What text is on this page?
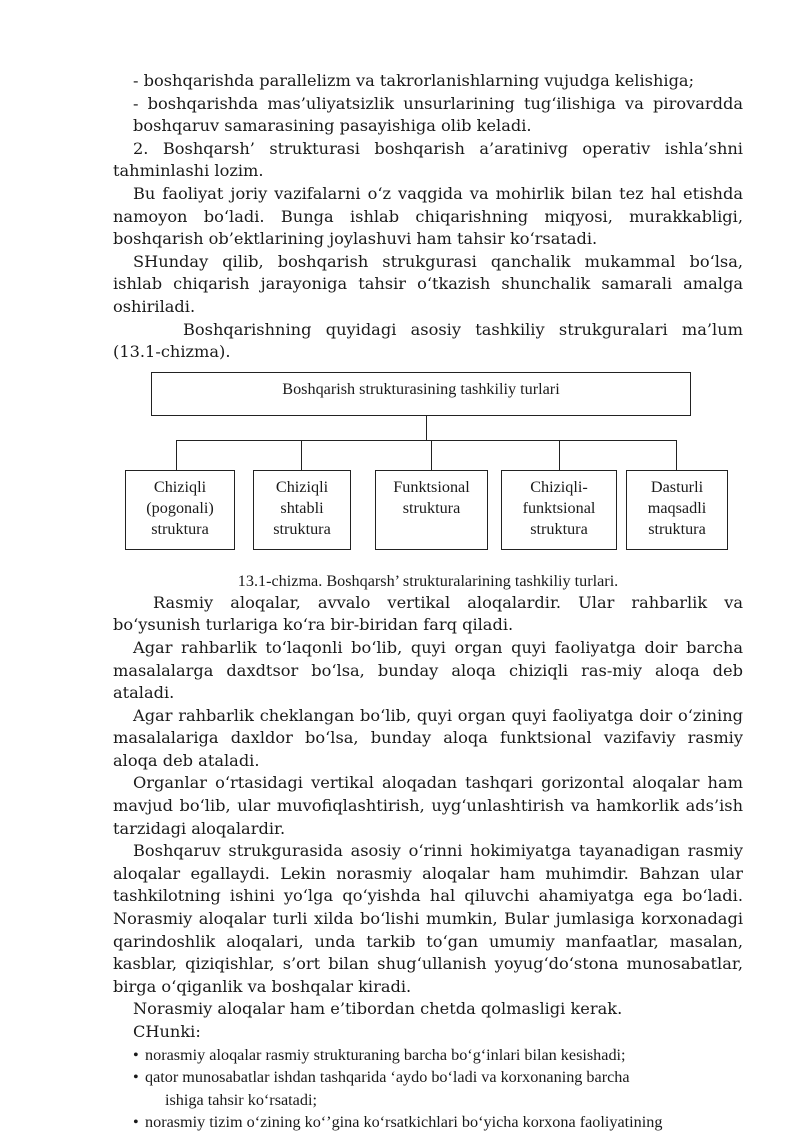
- boshqarishda parallelizm va takrorlanishlarning vujudga kelishiga;

- boshqarishda mas’uliyatsizlik unsurlarining tug‘ilishiga va pirovardda boshqaruv samarasining pasayishiga olib keladi.

2. Boshqarsh’ strukturasi boshqarish a’aratinivg operativ ishla’shni tahminlashi lozim.

Bu faoliyat joriy vazifalarni o‘z vaqgida va mohirlik bilan tez hal etishda namoyon bo‘ladi. Bunga ishlab chiqarishning miqyosi, murakkabligi, boshqarish ob’ektlarining joylashuvi ham tahsir ko‘rsatadi.

SHunday qilib, boshqarish strukgurasi qanchalik mukammal bo‘lsa, ishlab chiqarish jarayoniga tahsir o‘tkazish shunchalik samarali amalga oshiriladi.

Boshqarishning quyidagi asosiy tashkiliy strukguralari ma’lum (13.1-chizma).

Boshqarish strukturasining tashkiliy turlari
Chiziqli
(pogonali)
struktura
Chiziqli
shtabli
struktura
Funktsional
struktura
Chiziqli-
funktsional
struktura
Dasturli
maqsadli
struktura
13.1-chizma. Boshqarsh’ strukturalarining tashkiliy turlari.

Rasmiy aloqalar, avvalo vertikal aloqalardir. Ular rahbarlik va bo‘ysunish turlariga ko‘ra bir-biridan farq qiladi.

Agar rahbarlik to‘laqonli bo‘lib, quyi organ quyi faoliyatga doir barcha masalalarga daxdtsor bo‘lsa, bunday aloqa chiziqli ras-miy aloqa deb ataladi.

Agar rahbarlik cheklangan bo‘lib, quyi organ quyi faoliyatga doir o‘zining masalalariga daxldor bo‘lsa, bunday aloqa funktsional vazifaviy rasmiy aloqa deb ataladi.

Organlar o‘rtasidagi vertikal aloqadan tashqari gorizontal aloqalar ham mavjud bo‘lib, ular muvofiqlashtirish, uyg‘unlashtirish va hamkorlik ads’ish tarzidagi aloqalardir.

Boshqaruv strukgurasida asosiy o‘rinni hokimiyatga tayanadigan rasmiy aloqalar egallaydi. Lekin norasmiy aloqalar ham muhimdir. Bahzan ular tashkilotning ishini yo‘lga qo‘yishda hal qiluvchi ahamiyatga ega bo‘ladi. Norasmiy aloqalar turli xilda bo‘lishi mumkin, Bular jumlasiga korxonadagi qarindoshlik aloqalari, unda tarkib to‘gan umumiy manfaatlar, masalan, kasblar, qiziqishlar, s’ort bilan shug‘ullanish yoyug‘do‘stona munosabatlar, birga o‘qiganlik va boshqalar kiradi.

Norasmiy aloqalar ham e’tibordan chetda qolmasligi kerak.

CHunki:

• norasmiy aloqalar rasmiy strukturaning barcha bo‘g‘inlari bilan kesishadi;
• qator munosabatlar ishdan tashqarida ‘aydo bo‘ladi va korxonaning barcha
ishiga tahsir ko‘rsatadi;
• norasmiy tizim o‘zining ko‘’gina ko‘rsatkichlari bo‘yicha korxona faoliyatining
